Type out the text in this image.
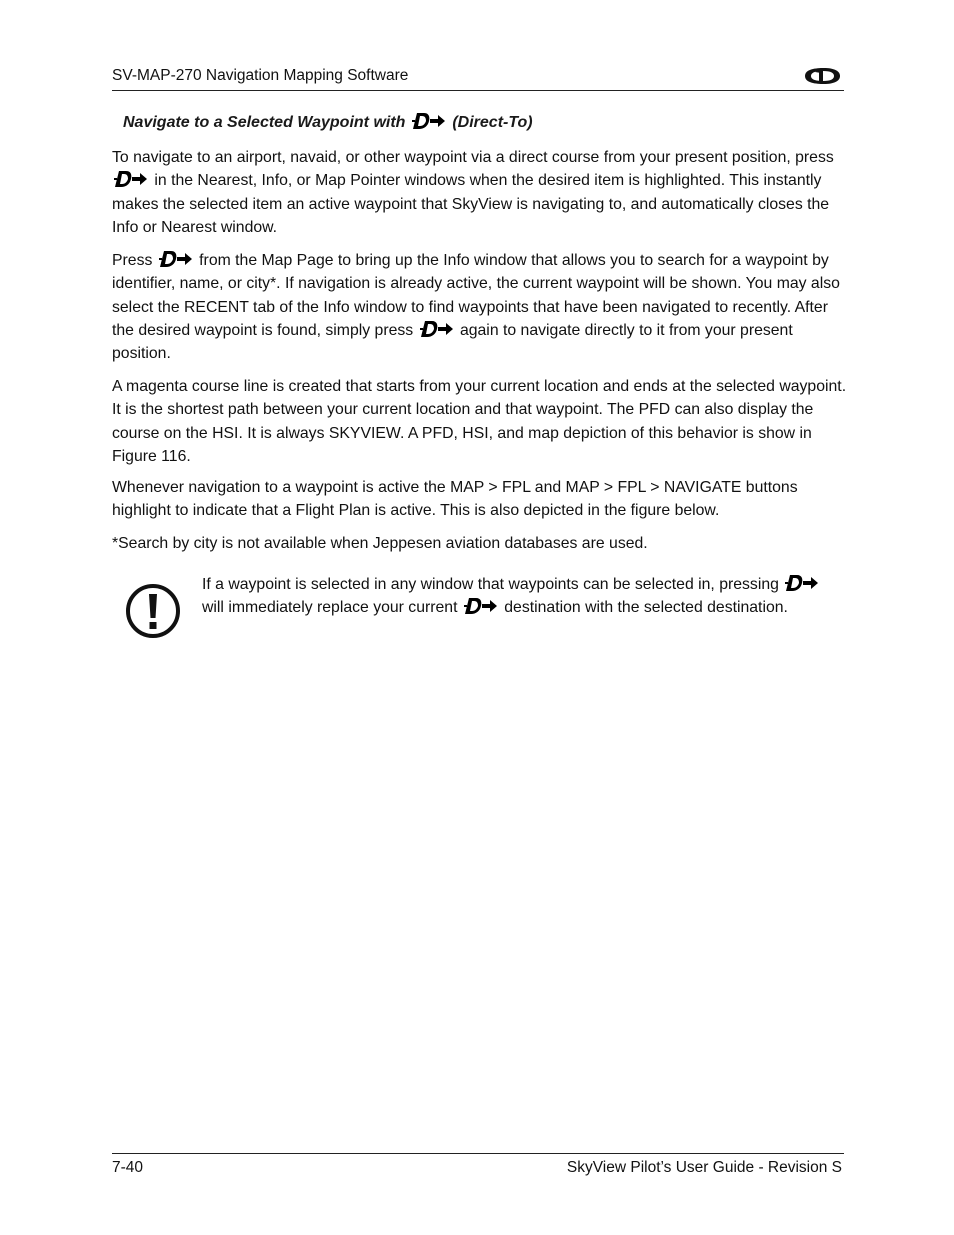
SV-MAP-270 Navigation Mapping Software
Navigate to a Selected Waypoint with	(Direct-To)
To navigate to an airport, navaid, or other waypoint via a direct course from your present position, press  in the Nearest, Info, or Map Pointer windows when the desired item is highlighted. This instantly makes the selected item an active waypoint that SkyView is navigating to, and automatically closes the Info or Nearest window.
Press	from the Map Page to bring up the Info window that allows you to search for a waypoint by identifier, name, or city*. If navigation is already active, the current waypoint will be shown. You may also select the RECENT tab of the Info window to find waypoints that have been navigated to recently. After the desired waypoint is found, simply press	again to navigate directly to it from your present position.
A magenta course line is created that starts from your current location and ends at the selected waypoint. It is the shortest path between your current location and that waypoint. The PFD can also display the course on the HSI. It is always SKYVIEW. A PFD, HSI, and map depiction of this behavior is show in Figure 116.
Whenever navigation to a waypoint is active the MAP > FPL and MAP > FPL > NAVIGATE buttons highlight to indicate that a Flight Plan is active. This is also depicted in the figure below.
*Search by city is not available when Jeppesen aviation databases are used.
If a waypoint is selected in any window that waypoints can be selected in, pressing  will immediately replace your current	destination with the selected destination.
7-40	SkyView Pilot’s User Guide - Revision S
